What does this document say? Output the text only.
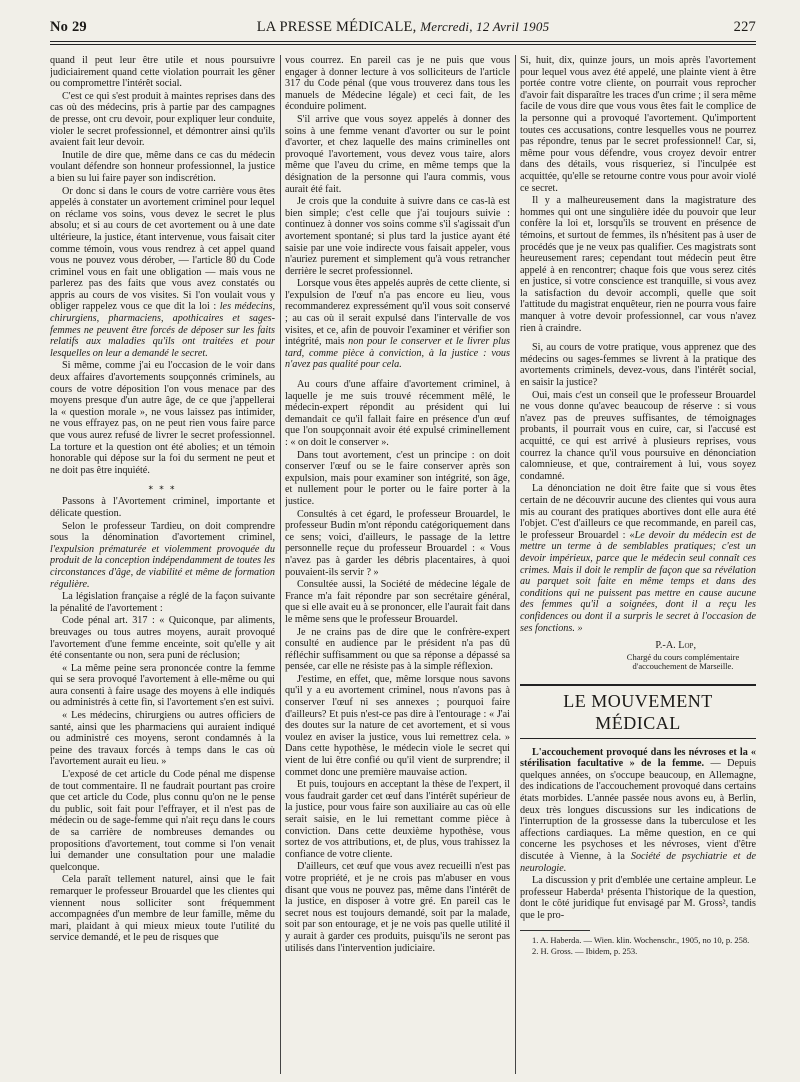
No 29	LA PRESSE MÉDICALE, Mercredi, 12 Avril 1905	227

quand il peut leur être utile et nous poursuivre judiciairement quand cette violation pourrait les gêner ou compromettre l'intérêt social.

C'est ce qui s'est produit à maintes reprises dans des cas où des médecins, pris à partie par des campagnes de presse, ont cru devoir, pour expliquer leur conduite, violer le secret professionnel, et démontrer ainsi qu'ils avaient fait leur devoir.

Inutile de dire que, même dans ce cas du médecin voulant défendre son honneur professionnel, la justice a bien su lui faire payer son indiscrétion.

Or donc si dans le cours de votre carrière vous êtes appelés à constater un avortement criminel pour lequel on réclame vos soins, vous devez le secret le plus absolu; et si au cours de cet avortement ou à une date ultérieure, la justice, étant intervenue, vous faisait citer comme témoin, vous vous rendrez à cet appel quand vous ne pouvez vous dérober, — l'article 80 du Code criminel vous en fait une obligation — mais vous ne parlerez pas des faits que vous avez constatés ou appris au cours de vos visites. Si l'on voulait vous y obliger rappelez vous ce que dit la loi : les médecins, chirurgiens, pharmaciens, apothicaires et sages-femmes ne peuvent être forcés de déposer sur les faits relatifs aux maladies qu'ils ont traitées et pour lesquelles on leur a demandé le secret.

Si même, comme j'ai eu l'occasion de le voir dans deux affaires d'avortements soupçonnés criminels, au cours de votre déposition l'on vous menace par des moyens presque d'un autre âge, de ce que j'appellerai la « question morale », ne vous laissez pas intimider, ne vous effrayez pas, on ne peut rien vous faire parce que vous aurez refusé de livrer le secret professionnel. La torture et la question ont été abolies; et un témoin honorable qui dépose sur la foi du serment ne peut et ne doit pas être inquiété.

⁎ ⁎ ⁎

Passons à l'Avortement criminel, importante et délicate question.

Selon le professeur Tardieu, on doit comprendre sous la dénomination d'avortement criminel, l'expulsion prématurée et violemment provoquée du produit de la conception indépendamment de toutes les circonstances d'âge, de viabilité et même de formation régulière.

La législation française a réglé de la façon suivante la pénalité de l'avortement :

Code pénal art. 317 : « Quiconque, par aliments, breuvages ou tous autres moyens, aurait provoqué l'avortement d'une femme enceinte, soit qu'elle y ait été consentante ou non, sera puni de réclusion;

« La même peine sera prononcée contre la femme qui se sera provoqué l'avortement à elle-même ou qui aura consenti à faire usage des moyens à elle indiqués ou administrés à cette fin, si l'avortement s'en est suivi.

« Les médecins, chirurgiens ou autres officiers de santé, ainsi que les pharmaciens qui auraient indiqué ou administré ces moyens, seront condamnés à la peine des travaux forcés à temps dans le cas où l'avortement aurait eu lieu. »

L'exposé de cet article du Code pénal me dispense de tout commentaire. Il ne faudrait pourtant pas croire que cet article du Code, plus connu qu'on ne le pense du public, soit fait pour l'effrayer, et il n'est pas de médecin ou de sage-femme qui n'ait reçu dans le cours de sa carrière de nombreuses demandes ou propositions d'avortement, tout comme si l'on venait lui demander une consultation pour une maladie quelconque.

Cela paraît tellement naturel, ainsi que le fait remarquer le professeur Brouardel que les clientes qui viennent nous solliciter sont fréquemment accompagnées d'un membre de leur famille, même du mari, plaidant à qui mieux mieux toute l'utilité du service demandé, et le peu de risques que

vous courrez. En pareil cas je ne puis que vous engager à donner lecture à vos solliciteurs de l'article 317 du Code pénal (que vous trouverez dans tous les manuels de Médecine légale) et ceci fait, de les éconduire poliment.

S'il arrive que vous soyez appelés à donner des soins à une femme venant d'avorter ou sur le point d'avorter, et chez laquelle des mains criminelles ont provoqué l'avortement, vous devez vous taire, alors même que l'aveu du crime, en même temps que la désignation de la personne qui l'aura commis, vous aurait été fait.

Je crois que la conduite à suivre dans ce cas-là est bien simple; c'est celle que j'ai toujours suivie : continuez à donner vos soins comme s'il s'agissait d'un avortement spontané; si plus tard la justice ayant été saisie par une voie indirecte vous faisait appeler, vous n'auriez purement et simplement qu'à vous retrancher derrière le secret professionnel.

Lorsque vous êtes appelés auprès de cette cliente, si l'expulsion de l'œuf n'a pas encore eu lieu, vous recommanderez expressément qu'il vous soit conservé ; au cas où il serait expulsé dans l'intervalle de vos visites, et ce, afin de pouvoir l'examiner et vérifier son intégrité, mais non pour le conserver et le livrer plus tard, comme pièce à conviction, à la justice : vous n'avez pas qualité pour cela.

Au cours d'une affaire d'avortement criminel, à laquelle je me suis trouvé récemment mêlé, le médecin-expert répondit au président qui lui demandait ce qu'il fallait faire en présence d'un œuf que l'on soupçonnait avoir été expulsé criminellement : « on doit le conserver ».

Dans tout avortement, c'est un principe : on doit conserver l'œuf ou se le faire conserver après son expulsion, mais pour examiner son intégrité, son âge, et nullement pour le porter ou le faire porter à la justice.

Consultés à cet égard, le professeur Brouardel, le professeur Budin m'ont répondu catégoriquement dans ce sens; voici, d'ailleurs, le passage de la lettre personnelle reçue du professeur Brouardel : « Vous n'avez pas à garder les débris placentaires, à quoi pouvaient-ils servir ? »

Consultée aussi, la Société de médecine légale de France m'a fait répondre par son secrétaire général, que si elle avait eu à se prononcer, elle l'aurait fait dans le même sens que le professeur Brouardel.

Je ne crains pas de dire que le confrère-expert consulté en audience par le président n'a pas dû réfléchir suffisamment ou que sa réponse a dépassé sa pensée, car elle ne résiste pas à la simple réflexion.

J'estime, en effet, que, même lorsque nous savons qu'il y a eu avortement criminel, nous n'avons pas à conserver l'œuf ni ses annexes ; pourquoi faire d'ailleurs? Et puis n'est-ce pas dire à l'entourage : « J'ai des doutes sur la nature de cet avortement, et si vous voulez en aviser la justice, vous lui remettrez cela. » Dans cette hypothèse, le médecin viole le secret qui vient de lui être confié ou qu'il vient de surprendre; il commet donc une première mauvaise action.

Et puis, toujours en acceptant la thèse de l'expert, il vous faudrait garder cet œuf dans l'intérêt supérieur de la justice, pour vous faire son auxiliaire au cas où elle serait saisie, en le lui remettant comme pièce à conviction. Dans cette deuxième hypothèse, vous sortez de vos attributions, et, de plus, vous trahissez la confiance de votre cliente.

D'ailleurs, cet œuf que vous avez recueilli n'est pas votre propriété, et je ne crois pas m'abuser en vous disant que vous ne pouvez pas, même dans l'intérêt de la justice, en disposer à votre gré. En pareil cas le secret nous est toujours demandé, soit par la malade, soit par son entourage, et je ne vois pas quelle utilité il y aurait à garder ces produits, puisqu'ils ne seront pas utilisés dans l'intervention judiciaire.

Si, huit, dix, quinze jours, un mois après l'avortement pour lequel vous avez été appelé, une plainte vient à être portée contre votre cliente, on pourrait vous reprocher d'avoir fait disparaître les traces d'un crime ; il sera même facile de vous dire que vous vous êtes fait le complice de la personne qui a provoqué l'avortement. Qu'importent toutes ces accusations, contre lesquelles vous ne pourrez pas répondre, tenus par le secret professionnel! Car, si, même pour vous défendre, vous croyez devoir entrer dans des détails, vous risqueriez, si l'inculpée est acquittée, qu'elle se retourne contre vous pour avoir violé ce secret.

Il y a malheureusement dans la magistrature des hommes qui ont une singulière idée du pouvoir que leur confère la loi et, lorsqu'ils se trouvent en présence de témoins, et surtout de femmes, ils n'hésitent pas à user de procédés que je ne veux pas qualifier. Ces magistrats sont heureusement rares; cependant tout médecin peut être appelé à en rencontrer; chaque fois que vous serez cités en justice, si votre conscience est tranquille, si vous avez la satisfaction du devoir accompli, quelle que soit l'attitude du magistrat enquêteur, rien ne pourra vous faire manquer à votre devoir professionnel, car vous n'avez rien à craindre.

Si, au cours de votre pratique, vous apprenez que des médecins ou sages-femmes se livrent à la pratique des avortements criminels, devez-vous, dans l'intérêt social, en saisir la justice?

Oui, mais c'est un conseil que le professeur Brouardel ne vous donne qu'avec beaucoup de réserve : si vous n'avez pas de preuves suffisantes, de témoignages probants, il pourrait vous en cuire, car, si l'accusé est acquitté, ce qui est arrivé à plusieurs reprises, vous courrez la chance qu'il vous poursuive en dénonciation calomnieuse, et que, contrairement à lui, vous soyez condamné.

La dénonciation ne doit être faite que si vous êtes certain de ne découvrir aucune des clientes qui vous aura mis au courant des pratiques abortives dont elle aura été l'objet. C'est d'ailleurs ce que recommande, en pareil cas, le professeur Brouardel : «Le devoir du médecin est de mettre un terme à de semblables pratiques; c'est un devoir impérieux, parce que le médecin seul connaît ces crimes. Mais il doit le remplir de façon que sa révélation au parquet soit faite en même temps et dans des conditions qui ne puissent pas mettre en cause aucune des femmes qu'il a soignées, dont il a reçu les confidences ou dont il a surpris le secret à l'occasion de ses fonctions. »

P.-A. Lop,

Chargé du cours complémentaire d'accouchement de Marseille.

LE MOUVEMENT MÉDICAL

L'accouchement provoqué dans les névroses et la « stérilisation facultative » de la femme. — Depuis quelques années, on s'occupe beaucoup, en Allemagne, des indications de l'accouchement provoqué dans certains états morbides. L'année passée nous avons eu, à Berlin, deux très longues discussions sur les indications de l'interruption de la grossesse dans la tuberculose et les affections cardiaques. La même question, en ce qui concerne les psychoses et les névroses, vient d'être discutée à Vienne, à la Société de psychiatrie et de neurologie.

La discussion y prit d'emblée une certaine ampleur. Le professeur Haberda¹ présenta l'historique de la question, dont le côté juridique fut envisagé par M. Gross², tandis que le pro-

1. A. Haberda. — Wien. klin. Wochenschr., 1905, no 10, p. 258.

2. H. Gross. — Ibidem, p. 253.
